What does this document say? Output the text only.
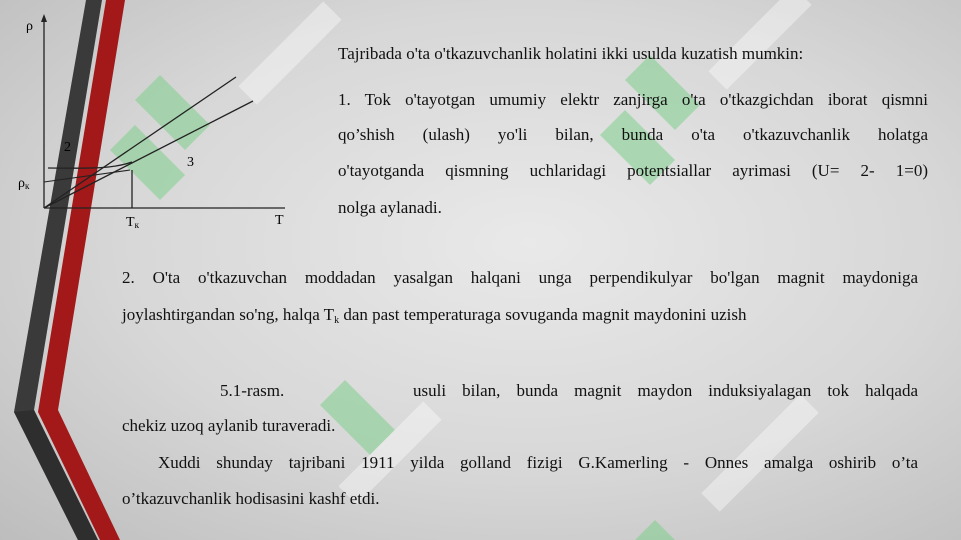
ρ
T
2
3
ρк
Tк

Tajribada o'ta o'tkazuvchanlik holatini ikki usulda kuzatish mumkin:

1. Tok o'tayotgan umumiy elektr zanjirga o'ta o'tkazgichdan iborat qismni

qo’shish (ulash) yo'li bilan, bunda o'ta o'tkazuvchanlik holatga

o'tayotganda qismning uchlaridagi potentsiallar ayrimasi (U= 2- 1=0)

nolga aylanadi.

2. O'ta o'tkazuvchan moddadan yasalgan halqani unga perpendikulyar bo'lgan magnit maydoniga

joylashtirgandan so'ng, halqa $T_k$ dan past temperaturaga sovuganda magnit maydonini uzish

5.1-rasm.	usuli bilan, bunda magnit maydon induksiyalagan tok halqada

chekiz uzoq aylanib turaveradi.

Xuddi shunday tajribani 1911 yilda golland fizigi G.Kamerling - Onnes amalga oshirib o’ta

o’tkazuvchanlik hodisasini kashf etdi.
